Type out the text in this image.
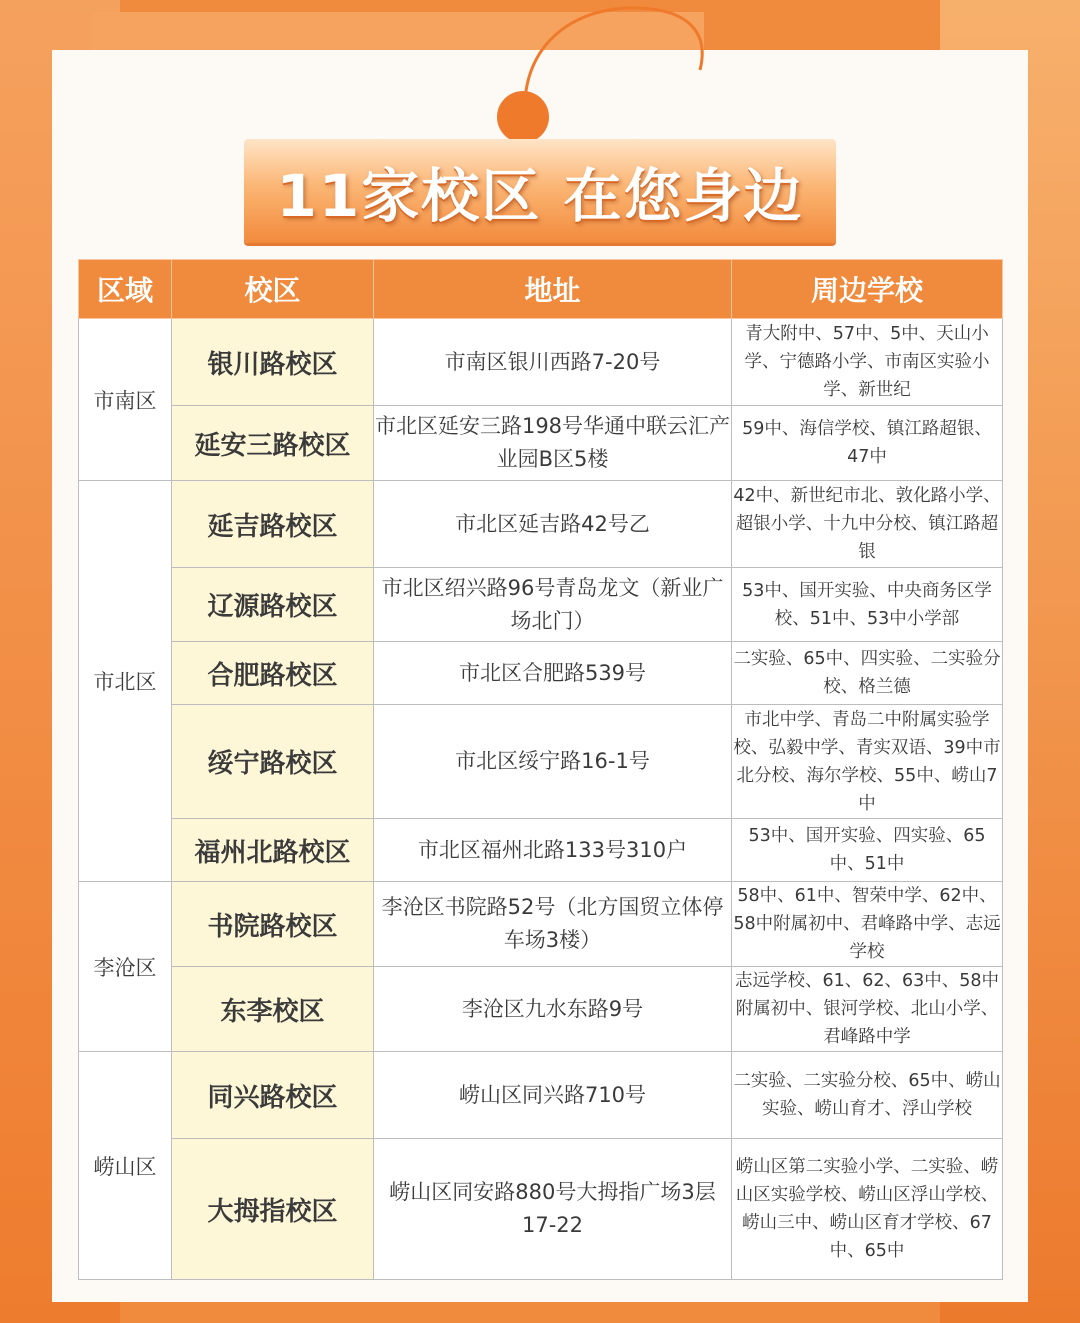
11家校区 在您身边
区域	校区	地址	周边学校
市南区	银川路校区	市南区银川西路7-20号	青大附中、57中、5中、天山小学、宁德路小学、市南区实验小学、新世纪
	延安三路校区	市北区延安三路198号华通中联云汇产业园B区5楼	59中、海信学校、镇江路超银、47中
市北区	延吉路校区	市北区延吉路42号乙	42中、新世纪市北、敦化路小学、超银小学、十九中分校、镇江路超银
	辽源路校区	市北区绍兴路96号青岛龙文（新业广场北门）	53中、国开实验、中央商务区学校、51中、53中小学部
	合肥路校区	市北区合肥路539号	二实验、65中、四实验、二实验分校、格兰德
	绥宁路校区	市北区绥宁路16-1号	市北中学、青岛二中附属实验学校、弘毅中学、青实双语、39中市北分校、海尔学校、55中、崂山7中
	福州北路校区	市北区福州北路133号310户	53中、国开实验、四实验、65中、51中
李沧区	书院路校区	李沧区书院路52号（北方国贸立体停车场3楼）	58中、61中、智荣中学、62中、58中附属初中、君峰路中学、志远学校
	东李校区	李沧区九水东路9号	志远学校、61、62、63中、58中附属初中、银河学校、北山小学、君峰路中学
崂山区	同兴路校区	崂山区同兴路710号	二实验、二实验分校、65中、崂山实验、崂山育才、浮山学校
	大拇指校区	崂山区同安路880号大拇指广场3层17-22	崂山区第二实验小学、二实验、崂山区实验学校、崂山区浮山学校、崂山三中、崂山区育才学校、67中、65中
